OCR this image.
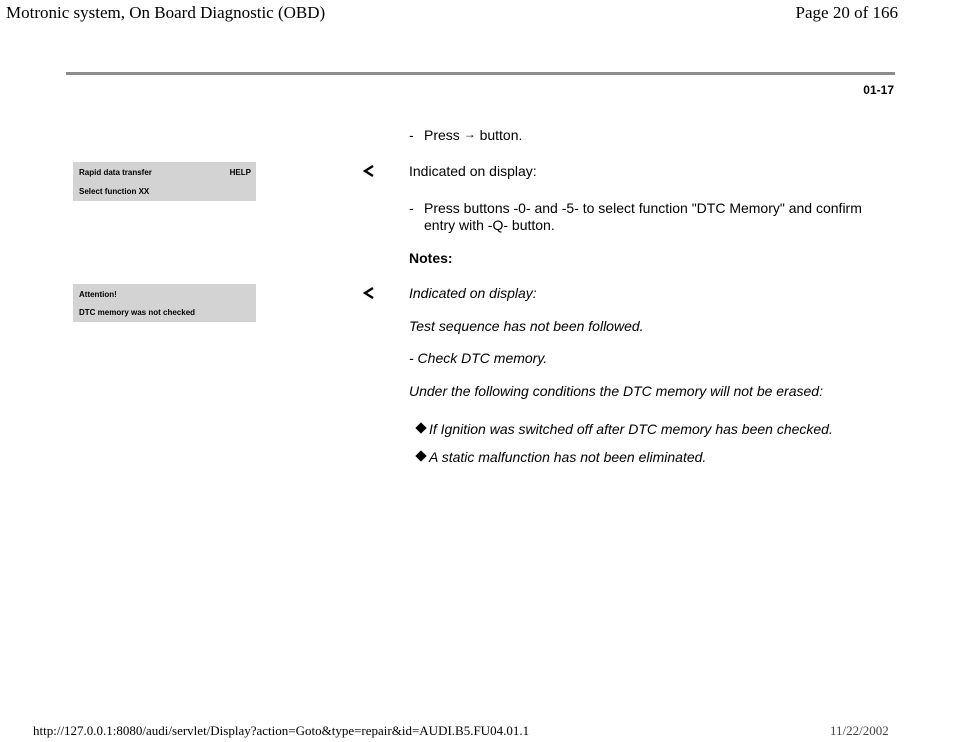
Motronic system, On Board Diagnostic (OBD)	Page 20 of 166
01-17
- Press → button.
Rapid data transfer	HELP
Select function XX
Indicated on display:
- Press buttons -0- and -5- to select function "DTC Memory" and confirm
entry with -Q- button.
Notes:
Attention!
DTC memory was not checked
Indicated on display:
Test sequence has not been followed.
- Check DTC memory.
Under the following conditions the DTC memory will not be erased:
If Ignition was switched off after DTC memory has been checked.
A static malfunction has not been eliminated.
http://127.0.0.1:8080/audi/servlet/Display?action=Goto&type=repair&id=AUDI.B5.FU04.01.1	11/22/2002
